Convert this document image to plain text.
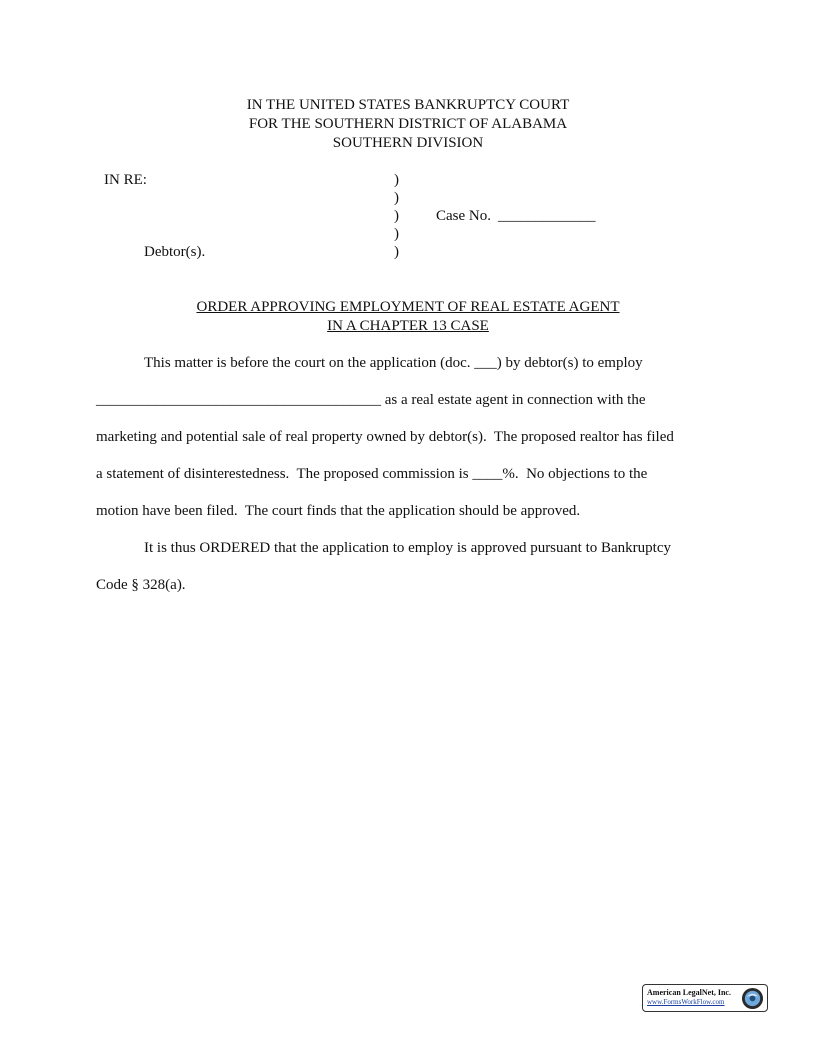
IN THE UNITED STATES BANKRUPTCY COURT
FOR THE SOUTHERN DISTRICT OF ALABAMA
SOUTHERN DIVISION
IN RE:	)
)
)
)
)
Case No. _____________
Debtor(s).
ORDER APPROVING EMPLOYMENT OF REAL ESTATE AGENT
IN A CHAPTER 13 CASE
This matter is before the court on the application (doc. ___) by debtor(s) to employ
______________________________________ as a real estate agent in connection with the
marketing and potential sale of real property owned by debtor(s).  The proposed realtor has filed
a statement of disinterestedness.  The proposed commission is ____%.  No objections to the
motion have been filed.  The court finds that the application should be approved.
It is thus ORDERED that the application to employ is approved pursuant to Bankruptcy
Code § 328(a).
American LegalNet, Inc.
www.FormsWorkFlow.com
